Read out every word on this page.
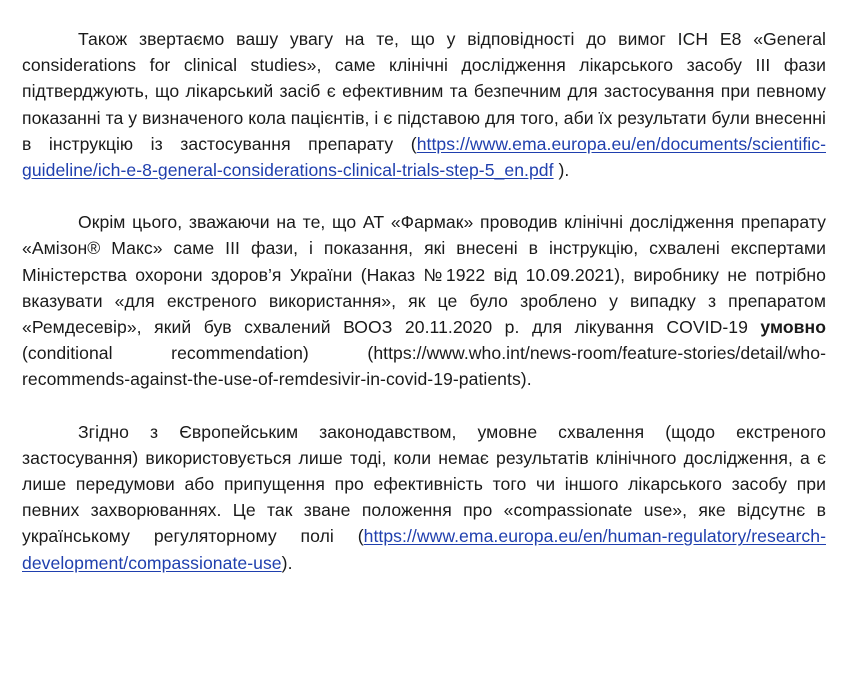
Також звертаємо вашу увагу на те, що у відповідності до вимог ICH E8 «General considerations for clinical studies», саме клінічні дослідження лікарського засобу III фази підтверджують, що лікарський засіб є ефективним та безпечним для застосування при певному показанні та у визначеного кола пацієнтів, і є підставою для того, аби їх результати були внесенні в інструкцію із застосування препарату (https://www.ema.europa.eu/en/documents/scientific-guideline/ich-e-8-general-considerations-clinical-trials-step-5_en.pdf ).

Окрім цього, зважаючи на те, що АТ «Фармак» проводив клінічні дослідження препарату «Амізон® Макс» саме III фази, і показання, які внесені в інструкцію, схвалені експертами Міністерства охорони здоров’я України (Наказ №1922 від 10.09.2021), виробнику не потрібно вказувати «для екстреного використання», як це було зроблено у випадку з препаратом «Ремдесевір», який був схвалений ВООЗ 20.11.2020 р. для лікування COVID-19 умовно (conditional recommendation) (https://www.who.int/news-room/feature-stories/detail/who-recommends-against-the-use-of-remdesivir-in-covid-19-patients).

Згідно з Європейським законодавством, умовне схвалення (щодо екстреного застосування) використовується лише тоді, коли немає результатів клінічного дослідження, а є лише передумови або припущення про ефективність того чи іншого лікарського засобу при певних захворюваннях. Це так зване положення про «compassionate use», яке відсутнє в українському регуляторному полі (https://www.ema.europa.eu/en/human-regulatory/research-development/compassionate-use).
